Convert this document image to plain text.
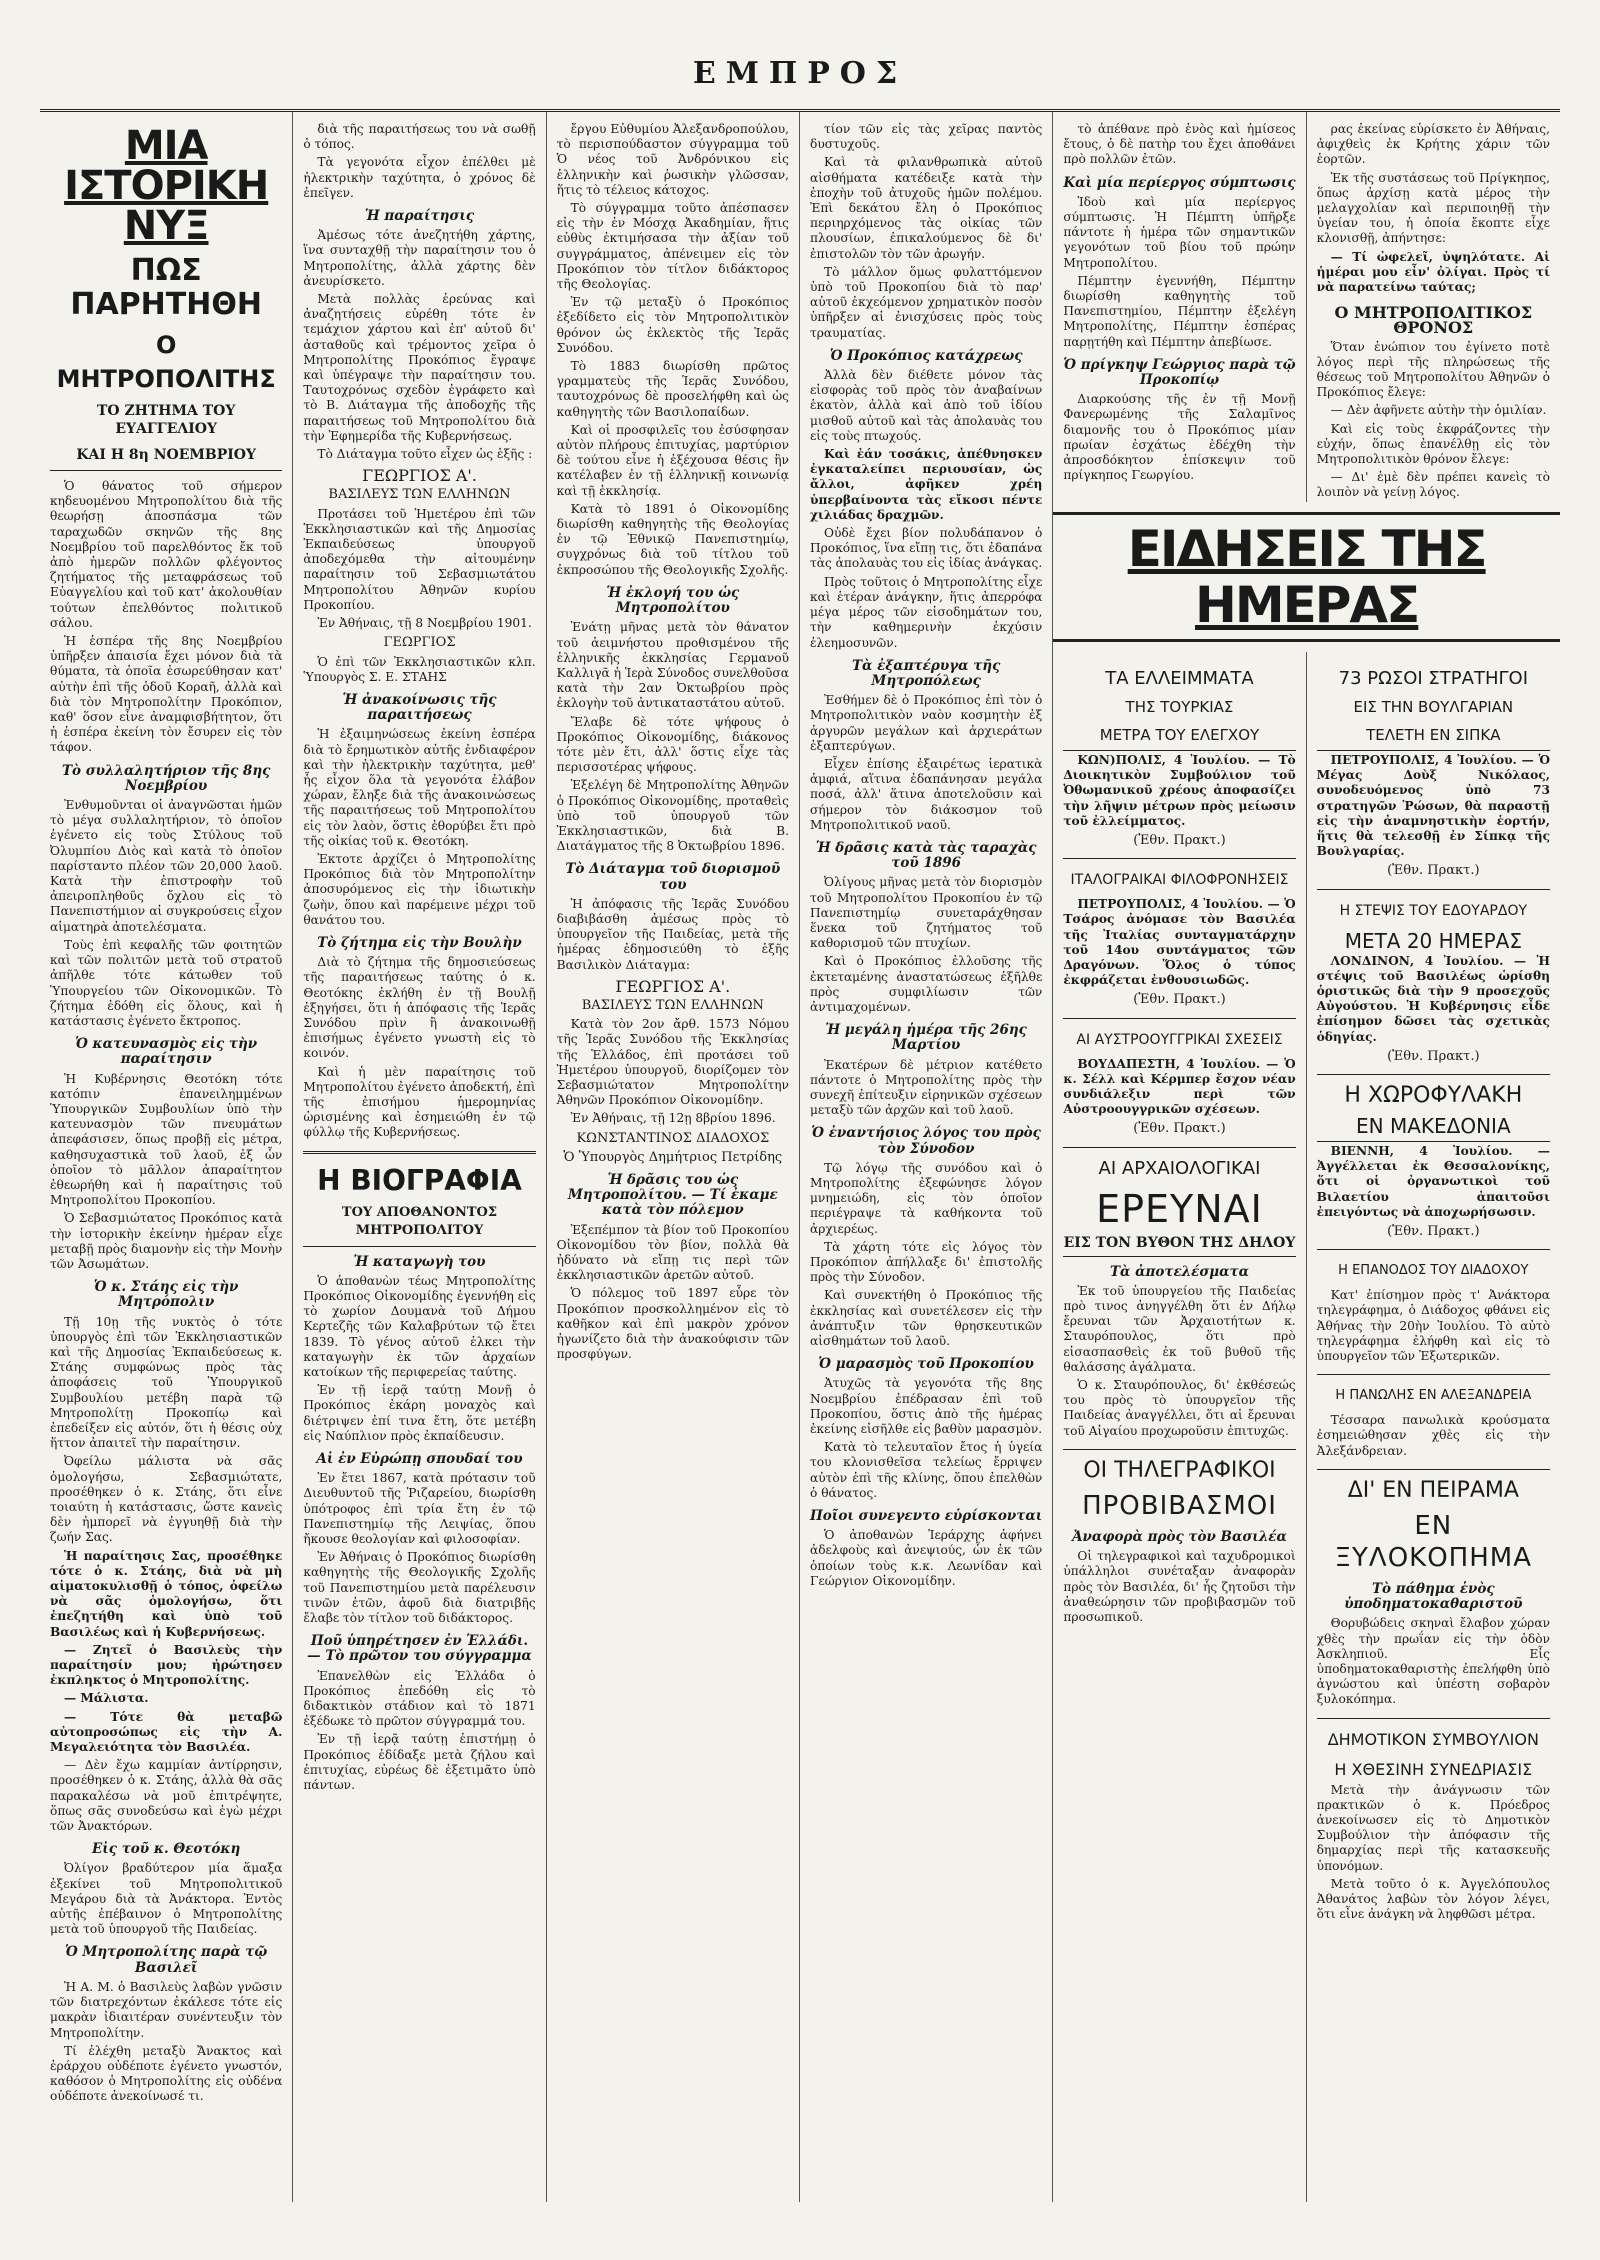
ΕΜΠΡΟΣ
ΜΙΑ ΙΣΤΟΡΙΚΗ ΝΥΞ
ΠΩΣ ΠΑΡΗΤΗΘΗ
Ο ΜΗΤΡΟΠΟΛΙΤΗΣ
ΤΟ ΖΗΤΗΜΑ ΤΟΥ ΕΥΑΓΓΕΛΙΟΥ
ΚΑΙ Η 8η ΝΟΕΜΒΡΙΟΥ

Ὁ θάνατος τοῦ σήμερον κηδευομένου Μητροπολίτου διὰ τῆς θεωρήσῃ ἀποσπάσμα τῶν ταραχωδῶν σκηνῶν τῆς 8ης Νοεμβρίου τοῦ παρελθόντος ἔκ τοῦ ἀπὸ ἡμερῶν πολλῶν φλέγοντος ζητήματος τῆς μεταφράσεως τοῦ Εὐαγγελίου καὶ τοῦ κατ' ἀκολουθίαν τούτων ἐπελθόντος πολιτικοῦ σάλου.

Ἡ ἑσπέρα τῆς 8ης Νοεμβρίου ὑπῆρξεν ἀπαισία ἔχει μόνον διὰ τὰ θύματα, τὰ ὁποῖα ἐσωρεύθησαν κατ' αὐτὴν ἐπὶ τῆς ὁδοῦ Κοραῆ, ἀλλὰ καὶ διὰ τὸν Μητροπολίτην Προκόπιον, καθ' ὅσον εἶνε ἀναμφισβήτητον, ὅτι ἡ ἑσπέρα ἐκείνη τὸν ἔσυρεν εἰς τὸν τάφον.

Τὸ συλλαλητήριον τῆς 8ης Νοεμβρίου

Ἐνθυμοῦνται οἱ ἀναγνῶσται ἡμῶν τὸ μέγα συλλαλητήριον, τὸ ὁποῖον ἐγένετο εἰς τοὺς Στύλους τοῦ Ὀλυμπίου Διὸς καὶ κατὰ τὸ ὁποῖον παρίσταντο πλέον τῶν 20,000 λαοῦ. Κατὰ τὴν ἐπιστροφὴν τοῦ ἀπειροπληθοῦς ὄχλου εἰς τὸ Πανεπιστήμιον αἱ συγκρούσεις εἶχον αἱματηρὰ ἀποτελέσματα.

Τοὺς ἐπὶ κεφαλῆς τῶν φοιτητῶν καὶ τῶν πολιτῶν μετὰ τοῦ στρατοῦ ἀπῆλθε τότε κάτωθεν τοῦ Ὑπουργείου τῶν Οἰκονομικῶν. Τὸ ζήτημα ἐδόθη εἰς ὅλους, καὶ ἡ κατάστασις ἐγένετο ἔκτροπος.

Ὁ κατευνασμὸς εἰς τὴν παραίτησιν

Ἡ Κυβέρνησις Θεοτόκη τότε κατόπιν ἐπανειλημμένων Ὑπουργικῶν Συμβουλίων ὑπὸ τὴν κατευνασμὸν τῶν πνευμάτων ἀπεφάσισεν, ὅπως προβῇ εἰς μέτρα, καθησυχαστικὰ τοῦ λαοῦ, ἐξ ὧν ὁποῖον τὸ μᾶλλον ἀπαραίτητον ἐθεωρήθη καὶ ἡ παραίτησις τοῦ Μητροπολίτου Προκοπίου.

Ὁ Σεβασμιώτατος Προκόπιος κατὰ τὴν ἱστορικὴν ἐκείνην ἡμέραν εἶχε μεταβῇ πρὸς διαμονὴν εἰς τὴν Μονὴν τῶν Ἀσωμάτων.

Ὁ κ. Στάης εἰς τὴν Μητρόπολιν

Τῇ 10ῃ τῆς νυκτὸς ὁ τότε ὑπουργὸς ἐπὶ τῶν Ἐκκλησιαστικῶν καὶ τῆς Δημοσίας Ἐκπαιδεύσεως κ. Στάης συμφώνως πρὸς τὰς ἀποφάσεις τοῦ Ὑπουργικοῦ Συμβουλίου μετέβη παρὰ τῷ Μητροπολίτῃ Προκοπίῳ καὶ ἐπεδείξεν εἰς αὐτόν, ὅτι ἡ θέσις οὐχ ἥττον ἀπαιτεῖ τὴν παραίτησιν.

Ὀφείλω μάλιστα νὰ σᾶς ὁμολογήσω, Σεβασμιώτατε, προσέθηκεν ὁ κ. Στάης, ὅτι εἶνε τοιαύτη ἡ κατάστασις, ὥστε κανεὶς δὲν ἠμπορεῖ νὰ ἐγγυηθῇ διὰ τὴν ζωήν Σας.

Ἡ παραίτησις Σας, προσέθηκε τότε ὁ κ. Στάης, διὰ νὰ μὴ αἱματοκυλισθῇ ὁ τόπος, ὀφείλω νὰ σᾶς ὁμολογήσω, ὅτι ἐπεζητήθη καὶ ὑπὸ τοῦ Βασιλέως καὶ ἡ Κυβερνήσεως.

— Ζητεῖ ὁ Βασιλεὺς τὴν παραίτησίν μου; ἠρώτησεν ἐκπληκτος ὁ Μητροπολίτης.

— Μάλιστα.

— Τότε θὰ μεταβῶ αὐτοπροσώπως εἰς τὴν Α. Μεγαλειότητα τὸν Βασιλέα.

— Δὲν ἔχω καμμίαν ἀντίρρησιν, προσέθηκεν ὁ κ. Στάης, ἀλλὰ θὰ σᾶς παρακαλέσω νὰ μοῦ ἐπιτρέψητε, ὅπως σᾶς συνοδεύσω καὶ ἐγὼ μέχρι τῶν Ἀνακτόρων.

Εἰς τοῦ κ. Θεοτόκη

Ὀλίγον βραδύτερον μία ἅμαξα ἐξεκίνει τοῦ Μητροπολιτικοῦ Μεγάρου διὰ τὰ Ἀνάκτορα. Ἐντὸς αὐτῆς ἐπέβαινον ὁ Μητροπολίτης μετὰ τοῦ ὑπουργοῦ τῆς Παιδείας.

Ὁ Μητροπολίτης παρὰ τῷ Βασιλεῖ

Ἡ Α. Μ. ὁ Βασιλεὺς λαβὼν γνῶσιν τῶν διατρεχόντων ἐκάλεσε τότε εἰς μακρὰν ἰδιαιτέραν συνέντευξιν τὸν Μητροπολίτην.

Τί ἐλέχθη μεταξὺ Ἄνακτος καὶ ἐράρχου οὐδέποτε ἐγένετο γνωστόν, καθόσον ὁ Μητροπολίτης εἰς οὐδένα οὐδέποτε ἀνεκοίνωσέ τι.

διὰ τῆς παραιτήσεως του νὰ σωθῇ ὁ τόπος.

Τὰ γεγονότα εἶχον ἐπέλθει μὲ ἠλεκτρικὴν ταχύτητα, ὁ χρόνος δὲ ἐπεῖγεν.

Ἡ παραίτησις

Ἀμέσως τότε ἀνεζητήθη χάρτης, ἵνα συνταχθῇ τὴν παραίτησιν του ὁ Μητροπολίτης, ἀλλὰ χάρτης δὲν ἀνευρίσκετο.

Μετὰ πολλὰς ἐρεύνας καὶ ἀναζητήσεις εὑρέθη τότε ἐν τεμάχιον χάρτου καὶ ἐπ' αὐτοῦ δι' ἀσταθοῦς καὶ τρέμοντος χεῖρα ὁ Μητροπολίτης Προκόπιος ἔγραψε καὶ ὑπέγραψε τὴν παραίτησιν του. Ταυτοχρόνως σχεδὸν ἐγράφετο καὶ τὸ Β. Διάταγμα τῆς ἀποδοχῆς τῆς παραιτήσεως τοῦ Μητροπολίτου διὰ τὴν Ἐφημερίδα τῆς Κυβερνήσεως.

Τὸ Διάταγμα τοῦτο εἶχεν ὡς ἑξῆς :

ΓΕΩΡΓΙΟΣ Α'.
ΒΑΣΙΛΕΥΣ ΤΩΝ ΕΛΛΗΝΩΝ

Προτάσει τοῦ Ἡμετέρου ἐπὶ τῶν Ἐκκλησιαστικῶν καὶ τῆς Δημοσίας Ἐκπαιδεύσεως ὑπουργοῦ ἀποδεχόμεθα τὴν αἰτουμένην παραίτησιν τοῦ Σεβασμιωτάτου Μητροπολίτου Ἀθηνῶν κυρίου Προκοπίου.

Ἐν Ἀθήναις, τῇ 8 Νοεμβρίου 1901.

ΓΕΩΡΓΙΟΣ

Ὁ ἐπὶ τῶν Ἐκκλησιαστικῶν κλπ. Ὑπουργὸς Σ. Ε. ΣΤΑΗΣ

Ἡ ἀνακοίνωσις τῆς παραιτήσεως

Ἡ ἐξαιμηνώσεως ἐκείνη ἑσπέρα διὰ τὸ ἔρημωτικὸν αὐτῆς ἐνδιαφέρον καὶ τὴν ἠλεκτρικὴν ταχύτητα, μεθ' ἧς εἶχον ὅλα τὰ γεγονότα ἐλάβον χώραν, ἔληξε διὰ τῆς ἀνακοινώσεως τῆς παραιτήσεως τοῦ Μητροπολίτου εἰς τὸν λαὸν, ὅστις ἐθορύβει ἔτι πρὸ τῆς οἰκίας τοῦ κ. Θεοτόκη.

Ἐκτοτε ἀρχίζει ὁ Μητροπολίτης Προκόπιος διὰ τὸν Μητροπολίτην ἀποσυρόμενος εἰς τὴν ἰδιωτικὴν ζωὴν, ὅπου καὶ παρέμεινε μέχρι τοῦ θανάτου του.

Τὸ ζήτημα εἰς τὴν Βουλὴν

Διὰ τὸ ζήτημα τῆς δημοσιεύσεως τῆς παραιτήσεως ταύτης ὁ κ. Θεοτόκης ἐκλήθη ἐν τῇ Βουλῇ ἐξηγήσει, ὅτι ἡ ἀπόφασις τῆς Ἱερᾶς Συνόδου πρὶν ἢ ἀνακοινωθῇ ἐπισήμως ἐγένετο γνωστὴ εἰς τὸ κοινόν.

Καὶ ἡ μὲν παραίτησις τοῦ Μητροπολίτου ἐγένετο ἀποδεκτή, ἐπὶ τῆς ἐπισήμου ἡμερομηνίας ὡρισμένης καὶ ἐσημειώθη ἐν τῷ φύλλῳ τῆς Κυβερνήσεως.

Η ΒΙΟΓΡΑΦΙΑ
ΤΟΥ ΑΠΟΘΑΝΟΝΤΟΣ ΜΗΤΡΟΠΟΛΙΤΟΥ
Ἡ καταγωγὴ του

Ὁ ἀποθανὼν τέως Μητροπολίτης Προκόπιος Οἰκονομίδης ἐγεννήθη εἰς τὸ χωρίον Δουμανὰ τοῦ Δήμου Κερτεζῆς τῶν Καλαβρύτων τῷ ἔτει 1839. Τὸ γένος αὐτοῦ ἐλκει τὴν καταγωγὴν ἐκ τῶν ἀρχαίων κατοίκων τῆς περιφερείας ταύτης.

Ἐν τῇ ἱερᾷ ταύτῃ Μονῇ ὁ Προκόπιος ἐκάρη μοναχὸς καὶ διέτριψεν ἐπί τινα ἔτη, ὅτε μετέβη εἰς Ναύπλιον πρὸς ἐκπαίδευσιν.

Αἱ ἐν Εὐρώπῃ σπουδαί του

Ἐν ἔτει 1867, κατὰ πρότασιν τοῦ Διευθυντοῦ τῆς Ῥιζαρείου, διωρίσθη ὑπότροφος ἐπὶ τρία ἔτη ἐν τῷ Πανεπιστημίῳ τῆς Λειψίας, ὅπου ἤκουσε θεολογίαν καὶ φιλοσοφίαν.

Ἐν Ἀθήναις ὁ Προκόπιος διωρίσθη καθηγητὴς τῆς Θεολογικῆς Σχολῆς τοῦ Πανεπιστημίου μετὰ παρέλευσιν τινῶν ἐτῶν, ἀφοῦ διὰ διατριβῆς ἔλαβε τὸν τίτλον τοῦ διδάκτορος.

Ποῦ ὑπηρέτησεν ἐν Ἑλλάδι. — Τὸ πρῶτον του σύγγραμμα

Ἐπανελθὼν εἰς Ἑλλάδα ὁ Προκόπιος ἐπεδόθη εἰς τὸ διδακτικὸν στάδιον καὶ τὸ 1871 ἐξέδωκε τὸ πρῶτον σύγγραμμά του.

Ἐν τῇ ἱερᾷ ταύτῃ ἐπιστήμῃ ὁ Προκόπιος ἐδίδαξε μετὰ ζήλου καὶ ἐπιτυχίας, εὐρέως δὲ ἐξετιμᾶτο ὑπὸ πάντων.

ἔργου Εὐθυμίου Ἀλεξανδροπούλου, τὸ περισπούδαστον σύγγραμμα τοῦ Ὁ νέος τοῦ Ἀνδρόνικου εἰς ἑλληνικὴν καὶ ῥωσικὴν γλῶσσαν, ἥτις τὸ τέλειος κάτοχος.

Τὸ σύγγραμμα τοῦτο ἀπέσπασεν εἰς τὴν ἐν Μόσχᾳ Ἀκαδημίαν, ἥτις εὐθὺς ἐκτιμήσασα τὴν ἀξίαν τοῦ συγγράμματος, ἀπένειμεν εἰς τὸν Προκόπιον τὸν τίτλον διδάκτορος τῆς Θεολογίας.

Ἐν τῷ μεταξὺ ὁ Προκόπιος ἐξεδίδετο εἰς τὸν Μητροπολιτικὸν θρόνον ὡς ἐκλεκτὸς τῆς Ἱερᾶς Συνόδου.

Τὸ 1883 διωρίσθη πρῶτος γραμματεὺς τῆς Ἱερᾶς Συνόδου, ταυτοχρόνως δὲ προσελήφθη καὶ ὡς καθηγητὴς τῶν Βασιλοπαίδων.

Καὶ οἱ προσφιλεῖς του ἐσύσφησαν αὐτὸν πλήρους ἐπιτυχίας, μαρτύριον δὲ τούτου εἶνε ἡ ἐξέχουσα θέσις ἣν κατέλαβεν ἐν τῇ ἑλληνικῇ κοινωνίᾳ καὶ τῇ ἐκκλησίᾳ.

Κατὰ τὸ 1891 ὁ Οἰκονομίδης διωρίσθη καθηγητὴς τῆς Θεολογίας ἐν τῷ Ἐθνικῷ Πανεπιστημίῳ, συγχρόνως διὰ τοῦ τίτλου τοῦ ἐκπροσώπου τῆς Θεολογικῆς Σχολῆς.

Ἡ ἐκλογή του ὡς Μητροπολίτου

Ἐνάτῃ μῆνας μετὰ τὸν θάνατον τοῦ ἀειμνήστου προθισμένου τῆς ἑλληνικῆς ἐκκλησίας Γερμανοῦ Καλλιγᾶ ἡ Ἱερὰ Σύνοδος συνελθοῦσα κατὰ τὴν 2αν Ὀκτωβρίου πρὸς ἐκλογὴν τοῦ ἀντικαταστάτου αὐτοῦ.

Ἔλαβε δὲ τότε ψήφους ὁ Προκόπιος Οἰκονομίδης, διάκονος τότε μὲν ἔτι, ἀλλ' ὅστις εἶχε τὰς περισσοτέρας ψήφους.

Ἐξελέγη δὲ Μητροπολίτης Ἀθηνῶν ὁ Προκόπιος Οἰκονομίδης, προταθεὶς ὑπὸ τοῦ ὑπουργοῦ τῶν Ἐκκλησιαστικῶν, διὰ Β. Διατάγματος τῆς 8 Ὀκτωβρίου 1896.

Τὸ Διάταγμα τοῦ διορισμοῦ του

Ἡ ἀπόφασις τῆς Ἱερᾶς Συνόδου διαβιβάσθη ἀμέσως πρὸς τὸ ὑπουργεῖον τῆς Παιδείας, μετὰ τῆς ἡμέρας ἐδημοσιεύθη τὸ ἑξῆς Βασιλικὸν Διάταγμα:

ΓΕΩΡΓΙΟΣ Α'.
ΒΑΣΙΛΕΥΣ ΤΩΝ ΕΛΛΗΝΩΝ

Κατὰ τὸν 2ον ἄρθ. 1573 Νόμου τῆς Ἱερᾶς Συνόδου τῆς Ἐκκλησίας τῆς Ἑλλάδος, ἐπὶ προτάσει τοῦ Ἡμετέρου ὑπουργοῦ, διορίζομεν τὸν Σεβασμιώτατον Μητροπολίτην Ἀθηνῶν Προκόπιον Οἰκονομίδην.

Ἐν Ἀθήναις, τῇ 12ῃ 8βρίου 1896.

ΚΩΝΣΤΑΝΤΙΝΟΣ ΔΙΑΔΟΧΟΣ
Ὁ Ὑπουργὸς Δημήτριος Πετρίδης
Ἡ δρᾶσις του ὡς Μητροπολίτου. — Τί ἐκαμε κατὰ τὸν πόλεμον

Ἐξεπέμπον τὰ βίον τοῦ Προκοπίου Οἰκονομίδου τὸν βίον, πολλὰ θὰ ἠδύνατο νὰ εἴπῃ τις περὶ τῶν ἐκκλησιαστικῶν ἀρετῶν αὐτοῦ.

Ὁ πόλεμος τοῦ 1897 εὗρε τὸν Προκόπιον προσκολλημένον εἰς τὸ καθῆκον καὶ ἐπὶ μακρὸν χρόνον ἠγωνίζετο διὰ τὴν ἀνακούφισιν τῶν προσφύγων.

τίον τῶν εἰς τὰς χεῖρας παντὸς δυστυχοῦς.

Καὶ τὰ φιλανθρωπικὰ αὐτοῦ αἰσθήματα κατέδειξε κατὰ τὴν ἐποχὴν τοῦ ἀτυχοῦς ἡμῶν πολέμου. Ἐπὶ δεκάτου ἔλη ὁ Προκόπιος περιηρχόμενος τὰς οἰκίας τῶν πλουσίων, ἐπικαλούμενος δὲ δι' ἐπιστολῶν τὸν τῶν ἀρωγήν.

Τὸ μάλλον ὅμως φυλαττόμενον ὑπὸ τοῦ Προκοπίου διὰ τὸ παρ' αὐτοῦ ἐκχεόμενον χρηματικὸν ποσὸν ὑπῆρξεν αἱ ἐνισχύσεις πρὸς τοὺς τραυματίας.

Ὁ Προκόπιος κατάχρεως

Ἀλλὰ δὲν διέθετε μόνον τὰς εἰσφορὰς τοῦ πρὸς τὸν ἀναβαίνων ἑκατὸν, ἀλλὰ καὶ ἀπὸ τοῦ ἰδίου μισθοῦ αὐτοῦ καὶ τὰς ἀπολαυὰς του εἰς τοὺς πτωχούς.

Καὶ ἐάν τοσάκις, ἀπέθνησκεν ἐγκαταλείπει περιουσίαν, ὡς ἄλλοι, ἀφῆκεν χρέη ὑπερβαίνοντα τὰς εἴκοσι πέντε χιλιάδας δραχμῶν.

Οὐδὲ ἔχει βίον πολυδάπανον ὁ Προκόπιος, ἵνα εἴπῃ τις, ὅτι ἐδαπάνα τὰς ἀπολαυὰς του εἰς ἰδίας ἀνάγκας.

Πρὸς τοῦτοις ὁ Μητροπολίτης εἶχε καὶ ἑτέραν ἀνάγκην, ἥτις ἀπερρόφα μέγα μέρος τῶν εἰσοδημάτων του, τὴν καθημερινὴν ἐκχύσιν ἐλεημοσυνῶν.

Τὰ ἐξαπτέρυγα τῆς Μητροπόλεως

Ἐσθήμεν δὲ ὁ Προκόπιος ἐπὶ τὸν ὁ Μητροπολιτικὸν ναὸν κοσμητὴν ἐξ ἀργυρῶν μεγάλων καὶ ἀρχιεράτων ἐξαπτερύγων.

Εἶχεν ἐπίσης ἐξαιρέτως ἱερατικὰ ἀμφιά, αἵτινα ἐδαπάνησαν μεγάλα ποσά, ἀλλ' ἅτινα ἀποτελοῦσιν καὶ σήμερον τὸν διάκοσμον τοῦ Μητροπολιτικοῦ ναοῦ.

Ἡ δρᾶσις κατὰ τὰς ταραχὰς τοῦ 1896

Ὀλίγους μῆνας μετὰ τὸν διορισμὸν τοῦ Μητροπολίτου Προκοπίου ἐν τῷ Πανεπιστημίῳ συνεταράχθησαν ἕνεκα τοῦ ζητήματος τοῦ καθορισμοῦ τῶν πτυχίων.

Καὶ ὁ Προκόπιος ἐλλοῦσης τῆς ἐκτεταμένης ἀναστατώσεως ἐξῆλθε πρὸς συμφιλίωσιν τῶν ἀντιμαχομένων.

Ἡ μεγάλη ἡμέρα τῆς 26ης Μαρτίου

Ἐκατέρων δὲ μέτριον κατέθετο πάντοτε ὁ Μητροπολίτης πρὸς τὴν συνεχῆ ἐπίτευξιν εἰρηνικῶν σχέσεων μεταξὺ τῶν ἀρχῶν καὶ τοῦ λαοῦ.

Ὁ ἐναντήσιος λόγος του πρὸς τὸν Σύνοδον

Τῷ λόγῳ τῆς συνόδου καὶ ὁ Μητροπολίτης ἐξεφώνησε λόγον μνημειώδη, εἰς τὸν ὁποῖον περιέγραψε τὰ καθήκοντα τοῦ ἀρχιερέως.

Τὰ χάρτη τότε εἰς λόγος τὸν Προκόπιον ἀπήλλαξε δι' ἐπιστολῆς πρὸς τὴν Σύνοδον.

Καὶ συνεκτήθη ὁ Προκόπιος τῆς ἐκκλησίας καὶ συνετέλεσεν εἰς τὴν ἀνάπτυξιν τῶν θρησκευτικῶν αἰσθημάτων τοῦ λαοῦ.

Ὁ μαρασμὸς τοῦ Προκοπίου

Ἀτυχῶς τὰ γεγονότα τῆς 8ης Νοεμβρίου ἐπέδρασαν ἐπὶ τοῦ Προκοπίου, ὅστις ἀπὸ τῆς ἡμέρας ἐκείνης εἰσῆλθε εἰς βαθὺν μαρασμὸν.

Κατὰ τὸ τελευταῖον ἔτος ἡ ὑγεία του κλονισθεῖσα τελείως ἔρριψεν αὐτὸν ἐπὶ τῆς κλίνης, ὅπου ἐπελθὼν ὁ θάνατος.

Ποῖοι συνεγεντο εὑρίσκονται

Ὁ ἀποθανὼν Ἱεράρχης ἀφήνει ἀδελφοὺς καὶ ἀνεψιούς, ὧν ἐκ τῶν ὁποίων τοὺς κ.κ. Λεωνίδαν καὶ Γεώργιον Οἰκονομίδην.

τὸ ἀπέθανε πρὸ ἑνὸς καὶ ἡμίσεος ἔτους, ὁ δὲ πατὴρ του ἔχει ἀποθάνει πρὸ πολλῶν ἐτῶν.

Καὶ μία περίεργος σύμπτωσις

Ἰδοὺ καὶ μία περίεργος σύμπτωσις. Ἡ Πέμπτη ὑπῆρξε πάντοτε ἡ ἡμέρα τῶν σημαντικῶν γεγονότων τοῦ βίου τοῦ πρώην Μητροπολίτου.

Πέμπτην ἐγεννήθη, Πέμπτην διωρίσθη καθηγητὴς τοῦ Πανεπιστημίου, Πέμπτην ἐξελέγη Μητροπολίτης, Πέμπτην ἑσπέρας παρῃτήθη καὶ Πέμπτην ἀπεβίωσε.

Ὁ πρίγκηψ Γεώργιος παρὰ τῷ Προκοπίῳ

Διαρκούσης τῆς ἐν τῇ Μονῇ Φανερωμένης τῆς Σαλαμῖνος διαμονῆς του ὁ Προκόπιος μίαν πρωίαν ἐσχάτως ἐδέχθη τὴν ἀπροσδόκητον ἐπίσκεψιν τοῦ πρίγκηπος Γεωργίου.

ρας ἐκείνας εὑρίσκετο ἐν Ἀθήναις, ἀφιχθεὶς ἐκ Κρήτης χάριν τῶν ἑορτῶν.

Ἐκ τῆς συστάσεως τοῦ Πρίγκηπος, ὅπως ἀρχίσῃ κατὰ μέρος τὴν μελαγχολίαν καὶ περιποιηθῇ τὴν ὑγείαν του, ἡ ὁποία ἔκοπτε εἶχε κλονισθῇ, ἀπήντησε:

— Τί ὠφελεῖ, ὑψηλότατε. Αἱ ἡμέραι μου εἶν' ὀλίγαι. Πρὸς τί νὰ παρατείνω ταύτας;

Ο ΜΗΤΡΟΠΟΛΙΤΙΚΟΣ ΘΡΟΝΟΣ

Ὅταν ἐνώπιον του ἐγίνετο ποτὲ λόγος περὶ τῆς πληρώσεως τῆς θέσεως τοῦ Μητροπολίτου Ἀθηνῶν ὁ Προκόπιος ἔλεγε:

— Δὲν ἀφῆνετε αὐτὴν τὴν ὁμιλίαν.

Καὶ εἰς τοὺς ἐκφράζοντες τὴν εὐχήν, ὅπως ἐπανέλθῃ εἰς τὸν Μητροπολιτικὸν θρόνον ἔλεγε:

— Δι' ἐμὲ δὲν πρέπει κανεὶς τὸ λοιπὸν νὰ γείνῃ λόγος.

ΕΙΔΗΣΕΙΣ ΤΗΣ ΗΜΕΡΑΣ
ΤΑ ΕΛΛΕΙΜΜΑΤΑ
ΤΗΣ ΤΟΥΡΚΙΑΣ
ΜΕΤΡΑ ΤΟΥ ΕΛΕΓΧΟΥ

ΚΩΝ)ΠΟΛΙΣ, 4 Ἰουλίου. — Τὸ Διοικητικὸν Συμβούλιον τοῦ Ὀθωμανικοῦ χρέους ἀποφασίζει τὴν λῆψιν μέτρων πρὸς μείωσιν τοῦ ἐλλείμματος.

(Ἐθν. Πρακτ.)
ΙΤΑΛΟΓΡΑΙΚΑΙ ΦΙΛΟΦΡΟΝΗΣΕΙΣ

ΠΕΤΡΟΥΠΟΛΙΣ, 4 Ἰουλίου. — Ὁ Τσάρος ἀνόμασε τὸν Βασιλέα τῆς Ἰταλίας συνταγματάρχην τοῦ 14ου συντάγματος τῶν Δραγόνων. Ὅλος ὁ τύπος ἐκφράζεται ἐνθουσιωδῶς.

(Ἐθν. Πρακτ.)
ΑΙ ΑΥΣΤΡΟΟΥΓΓΡΙΚΑΙ ΣΧΕΣΕΙΣ

ΒΟΥΔΑΠΕΣΤΗ, 4 Ἰουλίου. — Ὁ κ. Σέλλ καὶ Κέρμπερ ἔσχον νέαν συνδιάλεξιν περὶ τῶν Αὐστροουγγρικῶν σχέσεων.

(Ἐθν. Πρακτ.)
ΑΙ ΑΡΧΑΙΟΛΟΓΙΚΑΙ
ΕΡΕΥΝΑΙ
ΕΙΣ ΤΟΝ ΒΥΘΟΝ ΤΗΣ ΔΗΛΟΥ
Τὰ ἀποτελέσματα

Ἐκ τοῦ ὑπουργείου τῆς Παιδείας πρὸ τινος ἀνηγγέλθη ὅτι ἐν Δήλῳ ἔρευναι τῶν Ἀρχαιοτήτων κ. Σταυρόπουλος, ὅτι πρὸ εἰσασπασθεὶς ἐκ τοῦ βυθοῦ τῆς θαλάσσης ἀγάλματα.

Ὁ κ. Σταυρόπουλος, δι' ἐκθέσεώς του πρὸς τὸ ὑπουργεῖον τῆς Παιδείας ἀναγγέλλει, ὅτι αἱ ἔρευναι τοῦ Αἰγαίου προχωροῦσιν ἐπιτυχῶς.

ΟΙ ΤΗΛΕΓΡΑΦΙΚΟΙ
ΠΡΟΒΙΒΑΣΜΟΙ
Ἀναφορὰ πρὸς τὸν Βασιλέα

Οἱ τηλεγραφικοὶ καὶ ταχυδρομικοὶ ὑπάλληλοι συνέταξαν ἀναφορὰν πρὸς τὸν Βασιλέα, δι' ἧς ζητοῦσι τὴν ἀναθεώρησιν τῶν προβιβασμῶν τοῦ προσωπικοῦ.

73 ΡΩΣΟΙ ΣΤΡΑΤΗΓΟΙ
ΕΙΣ ΤΗΝ ΒΟΥΛΓΑΡΙΑΝ
ΤΕΛΕΤΗ ΕΝ ΣΙΠΚΑ

ΠΕΤΡΟΥΠΟΛΙΣ, 4 Ἰουλίου. — Ὁ Μέγας Δοὺξ Νικόλαος, συνοδευόμενος ὑπὸ 73 στρατηγῶν Ῥώσων, θὰ παραστῇ εἰς τὴν ἀναμνηστικὴν ἑορτήν, ἥτις θὰ τελεσθῇ ἐν Σίπκᾳ τῆς Βουλγαρίας.

(Ἐθν. Πρακτ.)
Η ΣΤΕΨΙΣ ΤΟΥ ΕΔΟΥΑΡΔΟΥ
ΜΕΤΑ 20 ΗΜΕΡΑΣ

ΛΟΝΔΙΝΟΝ, 4 Ἰουλίου. — Ἡ στέψις τοῦ Βασιλέως ὡρίσθη ὁριστικῶς διὰ τὴν 9 προσεχοῦς Αὐγούστου. Ἡ Κυβέρνησις εἶδε ἐπίσημον δῶσει τὰς σχετικὰς ὁδηγίας.

(Ἐθν. Πρακτ.)
Η ΧΩΡΟΦΥΛΑΚΗ
ΕΝ ΜΑΚΕΔΟΝΙΑ

ΒΙΕΝΝΗ, 4 Ἰουλίου. — Ἀγγέλλεται ἐκ Θεσσαλονίκης, ὅτι οἱ ὀργανωτικοὶ τοῦ Βιλαετίου ἀπαιτοῦσι ἐπειγόντως νὰ ἀποχωρήσωσιν.

(Ἐθν. Πρακτ.)
Η ΕΠΑΝΟΔΟΣ ΤΟΥ ΔΙΑΔΟΧΟΥ

Κατ' ἐπίσημον πρὸς τ' Ἀνάκτορα τηλεγράφημα, ὁ Διάδοχος φθάνει εἰς Ἀθήνας τὴν 20ὴν Ἰουλίου. Τὸ αὐτὸ τηλεγράφημα ἐλήφθη καὶ εἰς τὸ ὑπουργεῖον τῶν Ἐξωτερικῶν.

Η ΠΑΝΩΛΗΣ ΕΝ ΑΛΕΞΑΝΔΡΕΙΑ

Τέσσαρα πανωλικὰ κρούσματα ἐσημειώθησαν χθὲς εἰς τὴν Ἀλεξάνδρειαν.

ΔΙ' ΕΝ ΠΕΙΡΑΜΑ
ΕΝ ΞΥΛΟΚΟΠΗΜΑ
Τὸ πάθημα ἑνὸς ὑποδηματοκαθαριστοῦ

Θορυβώδεις σκηναὶ ἔλαβον χώραν χθὲς τὴν πρωΐαν εἰς τὴν ὁδὸν Ἀσκληπιοῦ. Εἷς ὑποδηματοκαθαριστὴς ἐπελήφθη ὑπὸ ἀγνώστου καὶ ὑπέστη σοβαρὸν ξυλοκόπημα.

ΔΗΜΟΤΙΚΟΝ ΣΥΜΒΟΥΛΙΟΝ
Η ΧΘΕΣΙΝΗ ΣΥΝΕΔΡΙΑΣΙΣ

Μετὰ τὴν ἀνάγνωσιν τῶν πρακτικῶν ὁ κ. Πρόεδρος ἀνεκοίνωσεν εἰς τὸ Δημοτικὸν Συμβούλιον τὴν ἀπόφασιν τῆς δημαρχίας περὶ τῆς κατασκευῆς ὑπονόμων.

Μετὰ τοῦτο ὁ κ. Ἀγγελόπουλος Ἀθανάτος λαβὼν τὸν λόγον λέγει, ὅτι εἶνε ἀνάγκη νὰ ληφθῶσι μέτρα.
